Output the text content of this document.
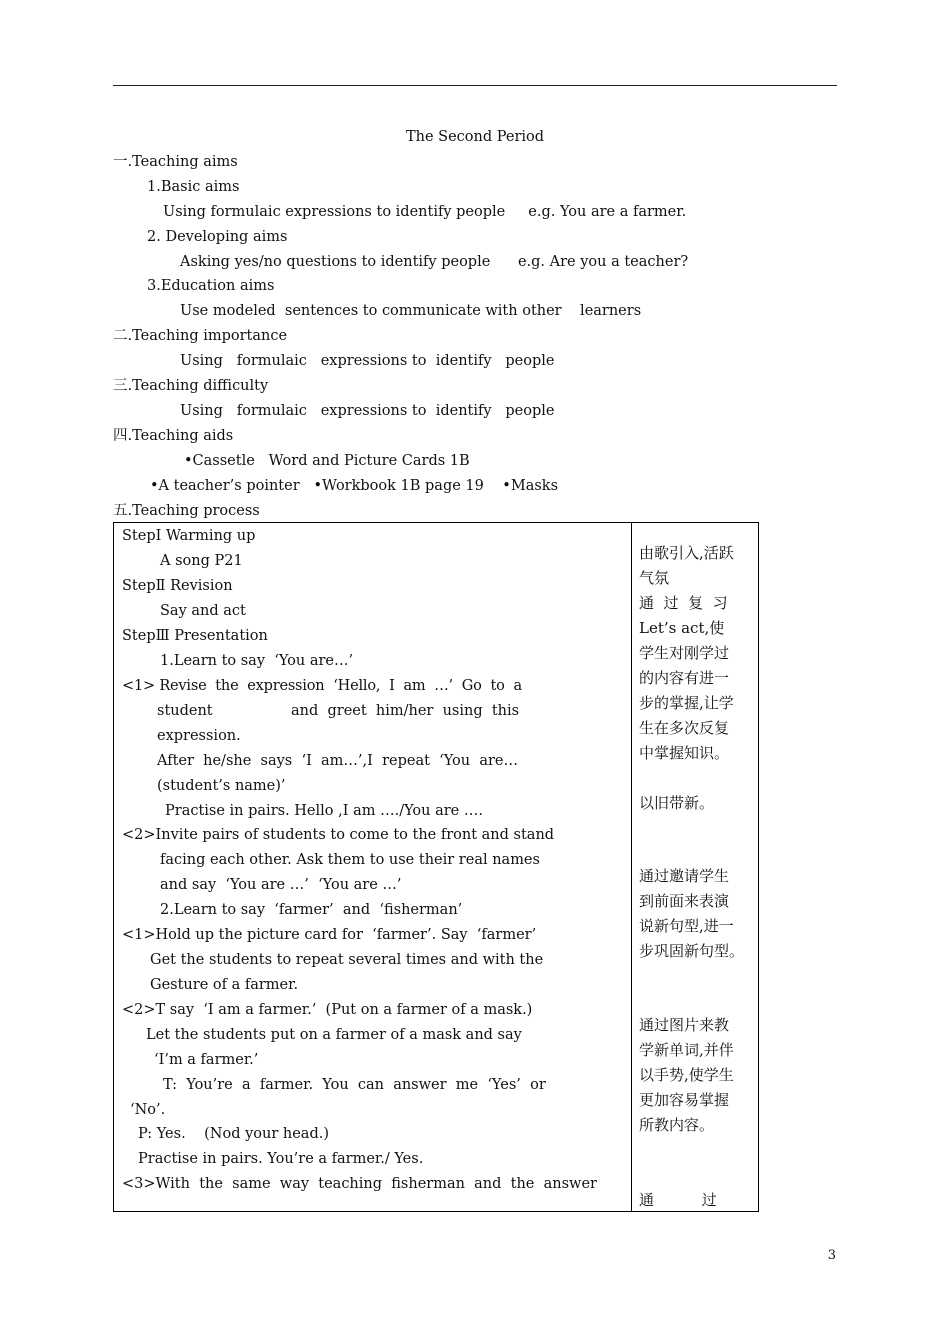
The Second Period
一.Teaching aims
1.Basic aims
Using formulaic expressions to identify people     e.g. You are a farmer.
2. Developing aims
Asking yes/no questions to identify people      e.g. Are you a teacher?
3.Education aims
Use modeled  sentences to communicate with other    learners
二.Teaching importance
Using   formulaic   expressions to  identify   people
三.Teaching difficulty
Using   formulaic   expressions to  identify   people
四.Teaching aids
•Cassetle   Word and Picture Cards 1B
•A teacher’s pointer   •Workbook 1B page 19    •Masks
五.Teaching process
StepⅠ Warming up
A song P21
StepⅡ Revision
Say and act
StepⅢ Presentation
1.Learn to say  ‘You are…’
<1> Revise  the  expression  ‘Hello,  I  am  …’  Go  to  a
student                 and  greet  him/her  using  this
expression.
After  he/she  says  ‘I  am…’,I  repeat  ‘You  are…
(student’s name)’
Practise in pairs. Hello ,I am …./You are ….
<2>Invite pairs of students to come to the front and stand
facing each other. Ask them to use their real names
and say  ‘You are …’  ‘You are …’
2.Learn to say  ‘farmer’  and  ‘fisherman’
<1>Hold up the picture card for  ‘farmer’. Say  ‘farmer’
Get the students to repeat several times and with the
Gesture of a farmer.
<2>T say  ‘I am a farmer.’  (Put on a farmer of a mask.)
Let the students put on a farmer of a mask and say
‘I’m a farmer.’
T:  You’re  a  farmer.  You  can  answer  me  ‘Yes’  or
‘No’.
P: Yes.    (Nod your head.)
Practise in pairs. You’re a farmer./ Yes.
<3>With  the  same  way  teaching  fisherman  and  the  answer
由歌引入,活跃
气氛
通  过  复  习
Let’s act,使
学生对刚学过
的内容有进一
步的掌握,让学
生在多次反复
中掌握知识。

以旧带新。
通过邀请学生
到前面来表演
说新句型,进一
步巩固新句型。
通过图片来教
学新单词,并伴
以手势,使学生
更加容易掌握
所教内容。
通          过
3
